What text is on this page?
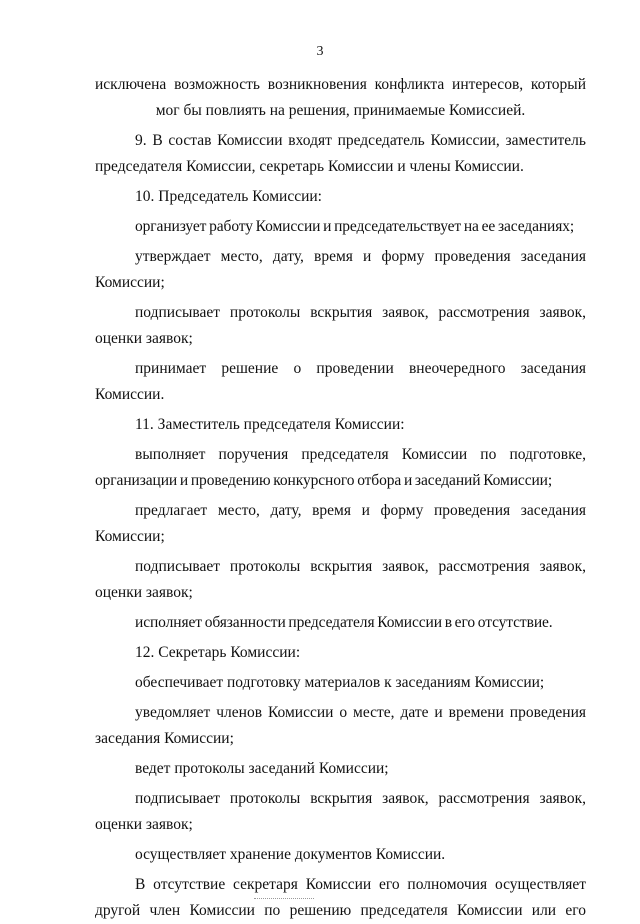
3
исключена возможность возникновения конфликта интересов, который
мог бы повлиять на решения, принимаемые Комиссией.
9. В состав Комиссии входят председатель Комиссии, заместитель
председателя Комиссии, секретарь Комиссии и члены Комиссии.
10. Председатель Комиссии:
организует работу Комиссии и председательствует на ее заседаниях;
утверждает место, дату, время и форму проведения заседания
Комиссии;
подписывает протоколы вскрытия заявок, рассмотрения заявок,
оценки заявок;
принимает решение о проведении внеочередного заседания
Комиссии.
11. Заместитель председателя Комиссии:
выполняет поручения председателя Комиссии по подготовке,
организации и проведению конкурсного отбора и заседаний Комиссии;
предлагает место, дату, время и форму проведения заседания
Комиссии;
подписывает протоколы вскрытия заявок, рассмотрения заявок,
оценки заявок;
исполняет обязанности председателя Комиссии в его отсутствие.
12. Секретарь Комиссии:
обеспечивает подготовку материалов к заседаниям Комиссии;
уведомляет членов Комиссии о месте, дате и времени проведения
заседания Комиссии;
ведет протоколы заседаний Комиссии;
подписывает протоколы вскрытия заявок, рассмотрения заявок,
оценки заявок;
осуществляет хранение документов Комиссии.
В отсутствие секретаря Комиссии его полномочия осуществляет
другой член Комиссии по решению председателя Комиссии или его
